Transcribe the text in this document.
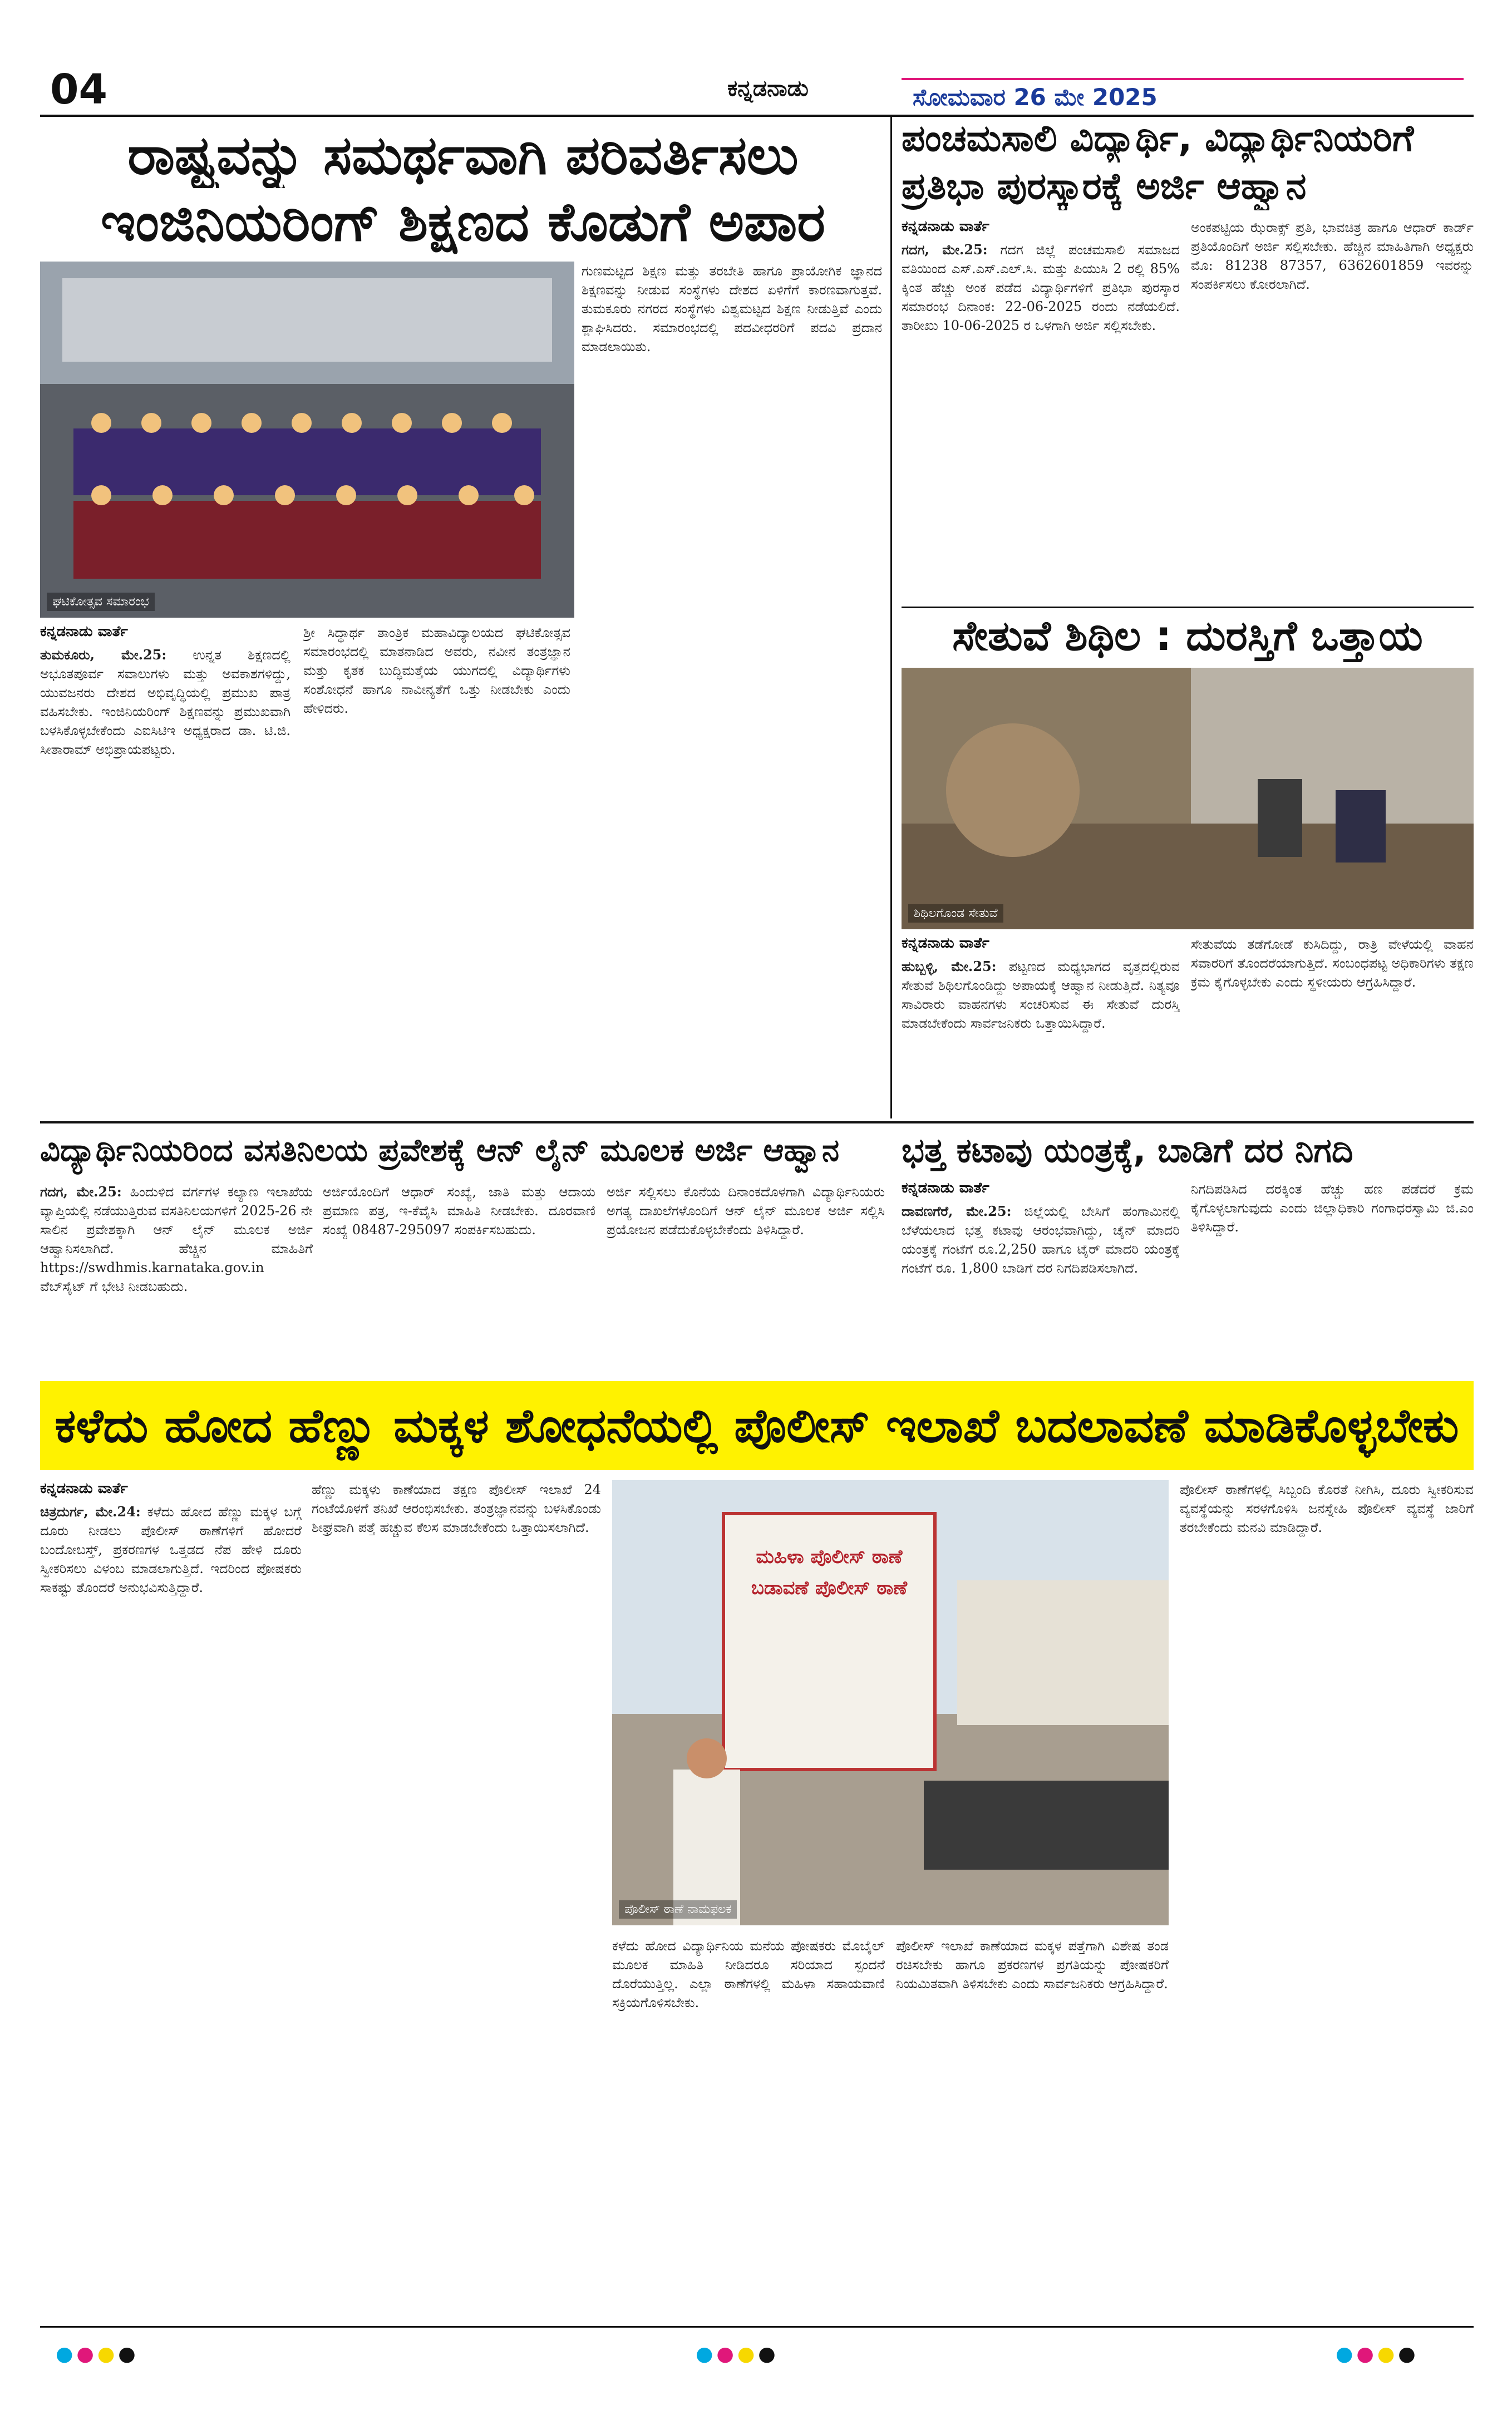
04	ಕನ್ನಡನಾಡು	ಸೋಮವಾರ 26 ಮೇ 2025
ರಾಷ್ಟ್ರವನ್ನು ಸಮರ್ಥವಾಗಿ ಪರಿವರ್ತಿಸಲು
ಇಂಜಿನಿಯರಿಂಗ್ ಶಿಕ್ಷಣದ ಕೊಡುಗೆ ಅಪಾರ
ಘಟಿಕೋತ್ಸವ ಸಮಾರಂಭ
ಕನ್ನಡನಾಡು ವಾರ್ತೆ
ತುಮಕೂರು, ಮೇ.25: ಉನ್ನತ ಶಿಕ್ಷಣದಲ್ಲಿ ಅಭೂತಪೂರ್ವ ಸವಾಲುಗಳು ಮತ್ತು ಅವಕಾಶಗಳಿದ್ದು, ಯುವಜನರು ದೇಶದ ಅಭಿವೃದ್ಧಿಯಲ್ಲಿ ಪ್ರಮುಖ ಪಾತ್ರ ವಹಿಸಬೇಕು. ಇಂಜಿನಿಯರಿಂಗ್ ಶಿಕ್ಷಣವನ್ನು ಪ್ರಮುಖವಾಗಿ ಬಳಸಿಕೊಳ್ಳಬೇಕೆಂದು ಎಐಸಿಟಿಇ ಅಧ್ಯಕ್ಷರಾದ ಡಾ. ಟಿ.ಜಿ. ಸೀತಾರಾಮ್ ಅಭಿಪ್ರಾಯಪಟ್ಟರು.
ಶ್ರೀ ಸಿದ್ಧಾರ್ಥ ತಾಂತ್ರಿಕ ಮಹಾವಿದ್ಯಾಲಯದ ಘಟಿಕೋತ್ಸವ ಸಮಾರಂಭದಲ್ಲಿ ಮಾತನಾಡಿದ ಅವರು, ನವೀನ ತಂತ್ರಜ್ಞಾನ ಮತ್ತು ಕೃತಕ ಬುದ್ಧಿಮತ್ತೆಯ ಯುಗದಲ್ಲಿ ವಿದ್ಯಾರ್ಥಿಗಳು ಸಂಶೋಧನೆ ಹಾಗೂ ನಾವೀನ್ಯತೆಗೆ ಒತ್ತು ನೀಡಬೇಕು ಎಂದು ಹೇಳಿದರು.
ಗುಣಮಟ್ಟದ ಶಿಕ್ಷಣ ಮತ್ತು ತರಬೇತಿ ಹಾಗೂ ಪ್ರಾಯೋಗಿಕ ಜ್ಞಾನದ ಶಿಕ್ಷಣವನ್ನು ನೀಡುವ ಸಂಸ್ಥೆಗಳು ದೇಶದ ಏಳಿಗೆಗೆ ಕಾರಣವಾಗುತ್ತವೆ. ತುಮಕೂರು ನಗರದ ಸಂಸ್ಥೆಗಳು ವಿಶ್ವಮಟ್ಟದ ಶಿಕ್ಷಣ ನೀಡುತ್ತಿವೆ ಎಂದು ಶ್ಲಾಘಿಸಿದರು. ಸಮಾರಂಭದಲ್ಲಿ ಪದವೀಧರರಿಗೆ ಪದವಿ ಪ್ರದಾನ ಮಾಡಲಾಯಿತು.
ಪಂಚಮಸಾಲಿ ವಿದ್ಯಾರ್ಥಿ, ವಿದ್ಯಾರ್ಥಿನಿಯರಿಗೆ
ಪ್ರತಿಭಾ ಪುರಸ್ಕಾರಕ್ಕೆ ಅರ್ಜಿ ಆಹ್ವಾನ
ಕನ್ನಡನಾಡು ವಾರ್ತೆ
ಗದಗ, ಮೇ.25: ಗದಗ ಜಿಲ್ಲೆ ಪಂಚಮಸಾಲಿ ಸಮಾಜದ ವತಿಯಿಂದ ಎಸ್.ಎಸ್.ಎಲ್.ಸಿ. ಮತ್ತು ಪಿಯುಸಿ 2 ರಲ್ಲಿ 85% ಕ್ಕಿಂತ ಹೆಚ್ಚು ಅಂಕ ಪಡೆದ ವಿದ್ಯಾರ್ಥಿಗಳಿಗೆ ಪ್ರತಿಭಾ ಪುರಸ್ಕಾರ ಸಮಾರಂಭ ದಿನಾಂಕ: 22-06-2025 ರಂದು ನಡೆಯಲಿದೆ. ತಾರೀಖು 10-06-2025 ರ ಒಳಗಾಗಿ ಅರ್ಜಿ ಸಲ್ಲಿಸಬೇಕು.
ಅಂಕಪಟ್ಟಿಯ ಝೆರಾಕ್ಸ್ ಪ್ರತಿ, ಭಾವಚಿತ್ರ ಹಾಗೂ ಆಧಾರ್ ಕಾರ್ಡ್ ಪ್ರತಿಯೊಂದಿಗೆ ಅರ್ಜಿ ಸಲ್ಲಿಸಬೇಕು. ಹೆಚ್ಚಿನ ಮಾಹಿತಿಗಾಗಿ ಅಧ್ಯಕ್ಷರು ಮೊ: 81238 87357, 6362601859 ಇವರನ್ನು ಸಂಪರ್ಕಿಸಲು ಕೋರಲಾಗಿದೆ.
ಸೇತುವೆ ಶಿಥಿಲ : ದುರಸ್ತಿಗೆ ಒತ್ತಾಯ
ಶಿಥಿಲಗೊಂಡ ಸೇತುವೆ
ಕನ್ನಡನಾಡು ವಾರ್ತೆ
ಹುಬ್ಬಳ್ಳಿ, ಮೇ.25: ಪಟ್ಟಣದ ಮಧ್ಯಭಾಗದ ವೃತ್ತದಲ್ಲಿರುವ ಸೇತುವೆ ಶಿಥಿಲಗೊಂಡಿದ್ದು ಅಪಾಯಕ್ಕೆ ಆಹ್ವಾನ ನೀಡುತ್ತಿದೆ. ನಿತ್ಯವೂ ಸಾವಿರಾರು ವಾಹನಗಳು ಸಂಚರಿಸುವ ಈ ಸೇತುವೆ ದುರಸ್ತಿ ಮಾಡಬೇಕೆಂದು ಸಾರ್ವಜನಿಕರು ಒತ್ತಾಯಿಸಿದ್ದಾರೆ.
ಸೇತುವೆಯ ತಡೆಗೋಡೆ ಕುಸಿದಿದ್ದು, ರಾತ್ರಿ ವೇಳೆಯಲ್ಲಿ ವಾಹನ ಸವಾರರಿಗೆ ತೊಂದರೆಯಾಗುತ್ತಿದೆ. ಸಂಬಂಧಪಟ್ಟ ಅಧಿಕಾರಿಗಳು ತಕ್ಷಣ ಕ್ರಮ ಕೈಗೊಳ್ಳಬೇಕು ಎಂದು ಸ್ಥಳೀಯರು ಆಗ್ರಹಿಸಿದ್ದಾರೆ.
ವಿದ್ಯಾರ್ಥಿನಿಯರಿಂದ ವಸತಿನಿಲಯ ಪ್ರವೇಶಕ್ಕೆ ಆನ್ ಲೈನ್ ಮೂಲಕ ಅರ್ಜಿ ಆಹ್ವಾನ
ಗದಗ, ಮೇ.25: ಹಿಂದುಳಿದ ವರ್ಗಗಳ ಕಲ್ಯಾಣ ಇಲಾಖೆಯ ವ್ಯಾಪ್ತಿಯಲ್ಲಿ ನಡೆಯುತ್ತಿರುವ ವಸತಿನಿಲಯಗಳಿಗೆ 2025-26 ನೇ ಸಾಲಿನ ಪ್ರವೇಶಕ್ಕಾಗಿ ಆನ್ ಲೈನ್ ಮೂಲಕ ಅರ್ಜಿ ಆಹ್ವಾನಿಸಲಾಗಿದೆ. ಹೆಚ್ಚಿನ ಮಾಹಿತಿಗೆ https://swdhmis.karnataka.gov.in ವೆಬ್‌ಸೈಟ್ ಗೆ ಭೇಟಿ ನೀಡಬಹುದು.
ಅರ್ಜಿಯೊಂದಿಗೆ ಆಧಾರ್ ಸಂಖ್ಯೆ, ಜಾತಿ ಮತ್ತು ಆದಾಯ ಪ್ರಮಾಣ ಪತ್ರ, ಇ-ಕೆವೈಸಿ ಮಾಹಿತಿ ನೀಡಬೇಕು. ದೂರವಾಣಿ ಸಂಖ್ಯೆ 08487-295097 ಸಂಪರ್ಕಿಸಬಹುದು.
ಅರ್ಜಿ ಸಲ್ಲಿಸಲು ಕೊನೆಯ ದಿನಾಂಕದೊಳಗಾಗಿ ವಿದ್ಯಾರ್ಥಿನಿಯರು ಅಗತ್ಯ ದಾಖಲೆಗಳೊಂದಿಗೆ ಆನ್ ಲೈನ್ ಮೂಲಕ ಅರ್ಜಿ ಸಲ್ಲಿಸಿ ಪ್ರಯೋಜನ ಪಡೆದುಕೊಳ್ಳಬೇಕೆಂದು ತಿಳಿಸಿದ್ದಾರೆ.
ಭತ್ತ ಕಟಾವು ಯಂತ್ರಕ್ಕೆ, ಬಾಡಿಗೆ ದರ ನಿಗದಿ
ಕನ್ನಡನಾಡು ವಾರ್ತೆ
ದಾವಣಗೆರೆ, ಮೇ.25: ಜಿಲ್ಲೆಯಲ್ಲಿ ಬೇಸಿಗೆ ಹಂಗಾಮಿನಲ್ಲಿ ಬೆಳೆಯಲಾದ ಭತ್ತ ಕಟಾವು ಆರಂಭವಾಗಿದ್ದು, ಚೈನ್ ಮಾದರಿ ಯಂತ್ರಕ್ಕೆ ಗಂಟೆಗೆ ರೂ.2,250 ಹಾಗೂ ಟೈರ್ ಮಾದರಿ ಯಂತ್ರಕ್ಕೆ ಗಂಟೆಗೆ ರೂ. 1,800 ಬಾಡಿಗೆ ದರ ನಿಗದಿಪಡಿಸಲಾಗಿದೆ.
ನಿಗದಿಪಡಿಸಿದ ದರಕ್ಕಿಂತ ಹೆಚ್ಚು ಹಣ ಪಡೆದರೆ ಕ್ರಮ ಕೈಗೊಳ್ಳಲಾಗುವುದು ಎಂದು ಜಿಲ್ಲಾಧಿಕಾರಿ ಗಂಗಾಧರಸ್ವಾಮಿ ಜಿ.ಎಂ ತಿಳಿಸಿದ್ದಾರೆ.
ಕಳೆದು ಹೋದ ಹೆಣ್ಣು ಮಕ್ಕಳ ಶೋಧನೆಯಲ್ಲಿ ಪೊಲೀಸ್ ಇಲಾಖೆ ಬದಲಾವಣೆ ಮಾಡಿಕೊಳ್ಳಬೇಕು
ಕನ್ನಡನಾಡು ವಾರ್ತೆ
ಚಿತ್ರದುರ್ಗ, ಮೇ.24: ಕಳೆದು ಹೋದ ಹೆಣ್ಣು ಮಕ್ಕಳ ಬಗ್ಗೆ ದೂರು ನೀಡಲು ಪೊಲೀಸ್ ಠಾಣೆಗಳಿಗೆ ಹೋದರೆ ಬಂದೋಬಸ್ತ್, ಪ್ರಕರಣಗಳ ಒತ್ತಡದ ನೆಪ ಹೇಳಿ ದೂರು ಸ್ವೀಕರಿಸಲು ವಿಳಂಬ ಮಾಡಲಾಗುತ್ತಿದೆ. ಇದರಿಂದ ಪೋಷಕರು ಸಾಕಷ್ಟು ತೊಂದರೆ ಅನುಭವಿಸುತ್ತಿದ್ದಾರೆ.
ಹೆಣ್ಣು ಮಕ್ಕಳು ಕಾಣೆಯಾದ ತಕ್ಷಣ ಪೊಲೀಸ್ ಇಲಾಖೆ 24 ಗಂಟೆಯೊಳಗೆ ತನಿಖೆ ಆರಂಭಿಸಬೇಕು. ತಂತ್ರಜ್ಞಾನವನ್ನು ಬಳಸಿಕೊಂಡು ಶೀಘ್ರವಾಗಿ ಪತ್ತೆ ಹಚ್ಚುವ ಕೆಲಸ ಮಾಡಬೇಕೆಂದು ಒತ್ತಾಯಿಸಲಾಗಿದೆ.
ಮಹಿಳಾ ಪೊಲೀಸ್ ಠಾಣೆ ಬಡಾವಣೆ ಪೊಲೀಸ್ ಠಾಣೆ
ಪೊಲೀಸ್ ಠಾಣೆ ನಾಮಫಲಕ
ಪೊಲೀಸ್ ಠಾಣೆಗಳಲ್ಲಿ ಸಿಬ್ಬಂದಿ ಕೊರತೆ ನೀಗಿಸಿ, ದೂರು ಸ್ವೀಕರಿಸುವ ವ್ಯವಸ್ಥೆಯನ್ನು ಸರಳಗೊಳಿಸಿ ಜನಸ್ನೇಹಿ ಪೊಲೀಸ್ ವ್ಯವಸ್ಥೆ ಜಾರಿಗೆ ತರಬೇಕೆಂದು ಮನವಿ ಮಾಡಿದ್ದಾರೆ.
ಕಳೆದು ಹೋದ ವಿದ್ಯಾರ್ಥಿನಿಯ ಮನೆಯ ಪೋಷಕರು ಮೊಬೈಲ್ ಮೂಲಕ ಮಾಹಿತಿ ನೀಡಿದರೂ ಸರಿಯಾದ ಸ್ಪಂದನೆ ದೊರೆಯುತ್ತಿಲ್ಲ. ಎಲ್ಲಾ ಠಾಣೆಗಳಲ್ಲಿ ಮಹಿಳಾ ಸಹಾಯವಾಣಿ ಸಕ್ರಿಯಗೊಳಿಸಬೇಕು.
ಪೊಲೀಸ್ ಇಲಾಖೆ ಕಾಣೆಯಾದ ಮಕ್ಕಳ ಪತ್ತೆಗಾಗಿ ವಿಶೇಷ ತಂಡ ರಚಿಸಬೇಕು ಹಾಗೂ ಪ್ರಕರಣಗಳ ಪ್ರಗತಿಯನ್ನು ಪೋಷಕರಿಗೆ ನಿಯಮಿತವಾಗಿ ತಿಳಿಸಬೇಕು ಎಂದು ಸಾರ್ವಜನಿಕರು ಆಗ್ರಹಿಸಿದ್ದಾರೆ.
●●●●	●●●●	●●●●
